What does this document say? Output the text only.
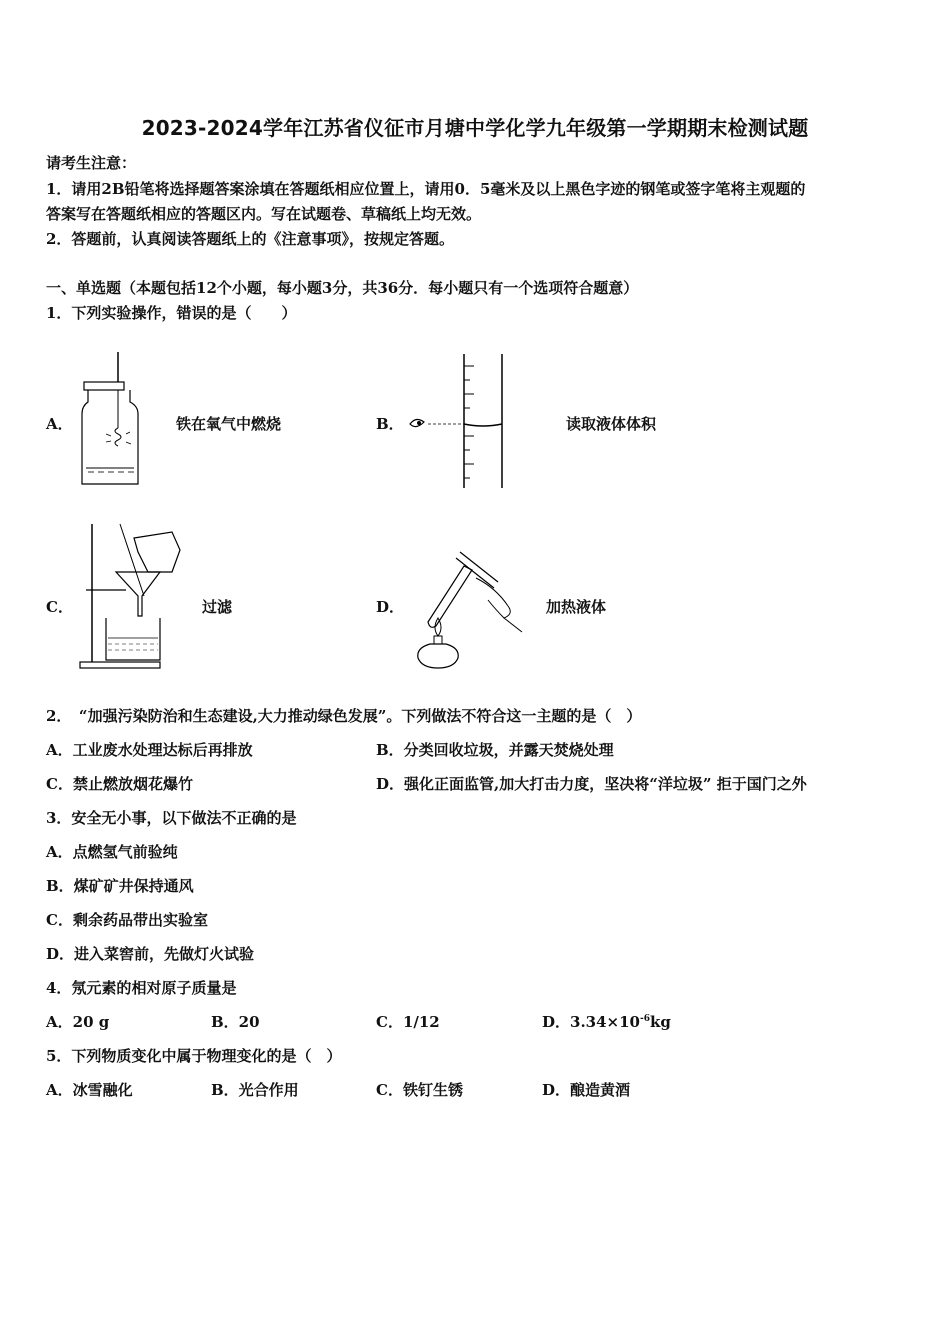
2023-2024学年江苏省仪征市月塘中学化学九年级第一学期期末检测试题
请考生注意：
1．请用2B铅笔将选择题答案涂填在答题纸相应位置上，请用0．5毫米及以上黑色字迹的钢笔或签字笔将主观题的
答案写在答题纸相应的答题区内。写在试题卷、草稿纸上均无效。
2．答题前，认真阅读答题纸上的《注意事项》，按规定答题。
一、单选题（本题包括12个小题，每小题3分，共36分．每小题只有一个选项符合题意）
1．下列实验操作，错误的是（　　）
A．	铁在氧气中燃烧	B．	读取液体体积
C．	过滤	D．	加热液体
2．　“加强污染防治和生态建设,大力推动绿色发展”。下列做法不符合这一主题的是（　）
A．工业废水处理达标后再排放	B．分类回收垃圾，并露天焚烧处理
C．禁止燃放烟花爆竹	D．强化正面监管,加大打击力度，坚决将“洋垃圾” 拒于国门之外
3．安全无小事，以下做法不正确的是
A．点燃氢气前验纯
B．煤矿矿井保持通风
C．剩余药品带出实验室
D．进入菜窖前，先做灯火试验
4．氖元素的相对原子质量是
A．20 g	B．20	C．1/12	D．$3.34\times 10^{-6}kg$
5．下列物质变化中属于物理变化的是（　）
A．冰雪融化	B．光合作用	C．铁钉生锈	D．酿造黄酒
